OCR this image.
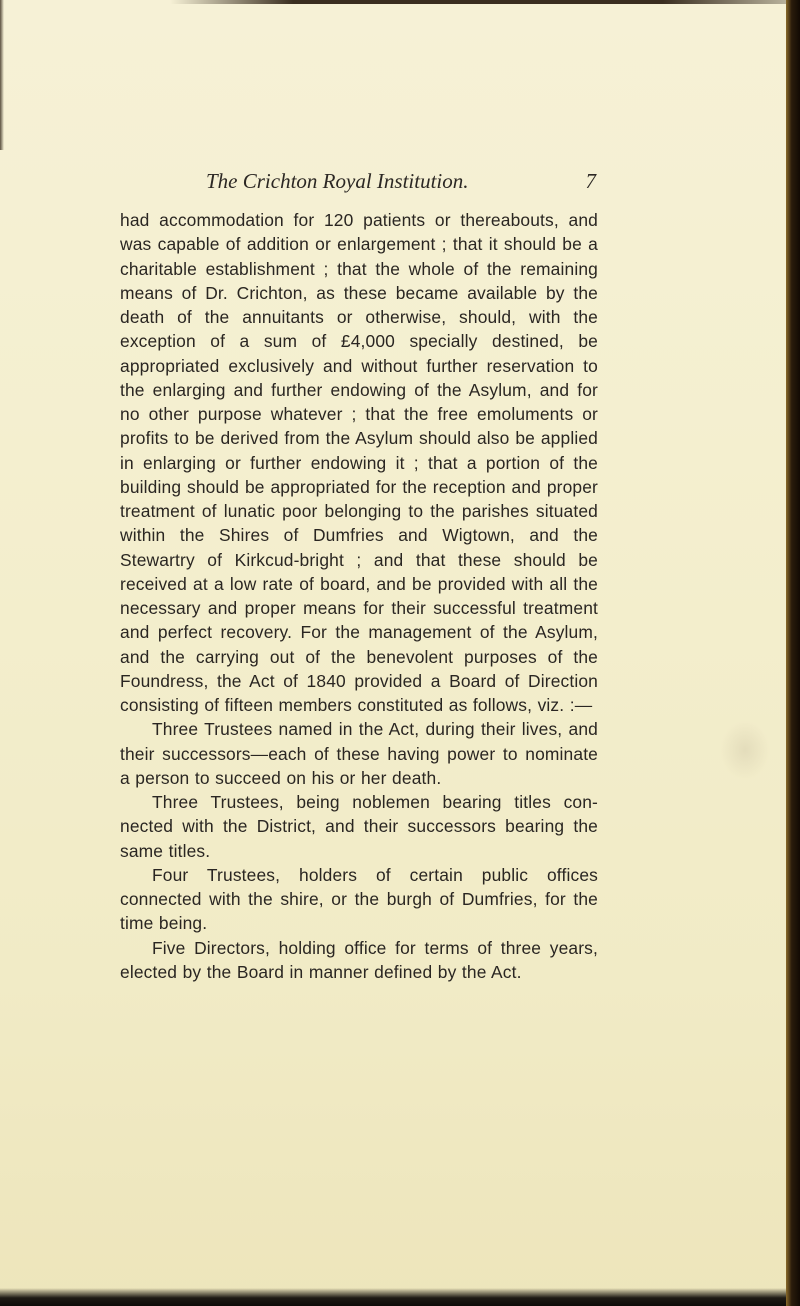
The Crichton Royal Institution.	7

had accommodation for 120 patients or thereabouts, and was capable of addition or enlargement ; that it should be a charitable establishment ; that the whole of the remaining means of Dr. Crichton, as these became available by the death of the annuitants or otherwise, should, with the exception of a sum of £4,000 specially destined, be appropriated exclusively and without further reservation to the enlarging and further endowing of the Asylum, and for no other purpose whatever ; that the free emoluments or profits to be derived from the Asylum should also be applied in enlarging or further endowing it ; that a portion of the building should be appropriated for the reception and proper treatment of lunatic poor belonging to the parishes situated within the Shires of Dumfries and Wigtown, and the Stewartry of Kirkcud-bright ; and that these should be received at a low rate of board, and be provided with all the necessary and proper means for their successful treatment and perfect recovery. For the management of the Asylum, and the carrying out of the benevolent purposes of the Foundress, the Act of 1840 provided a Board of Direction consisting of fifteen members constituted as follows, viz. :—

Three Trustees named in the Act, during their lives, and their successors—each of these having power to nominate a person to succeed on his or her death.

Three Trustees, being noblemen bearing titles con-nected with the District, and their successors bearing the same titles.

Four Trustees, holders of certain public offices connected with the shire, or the burgh of Dumfries, for the time being.

Five Directors, holding office for terms of three years, elected by the Board in manner defined by the Act.
